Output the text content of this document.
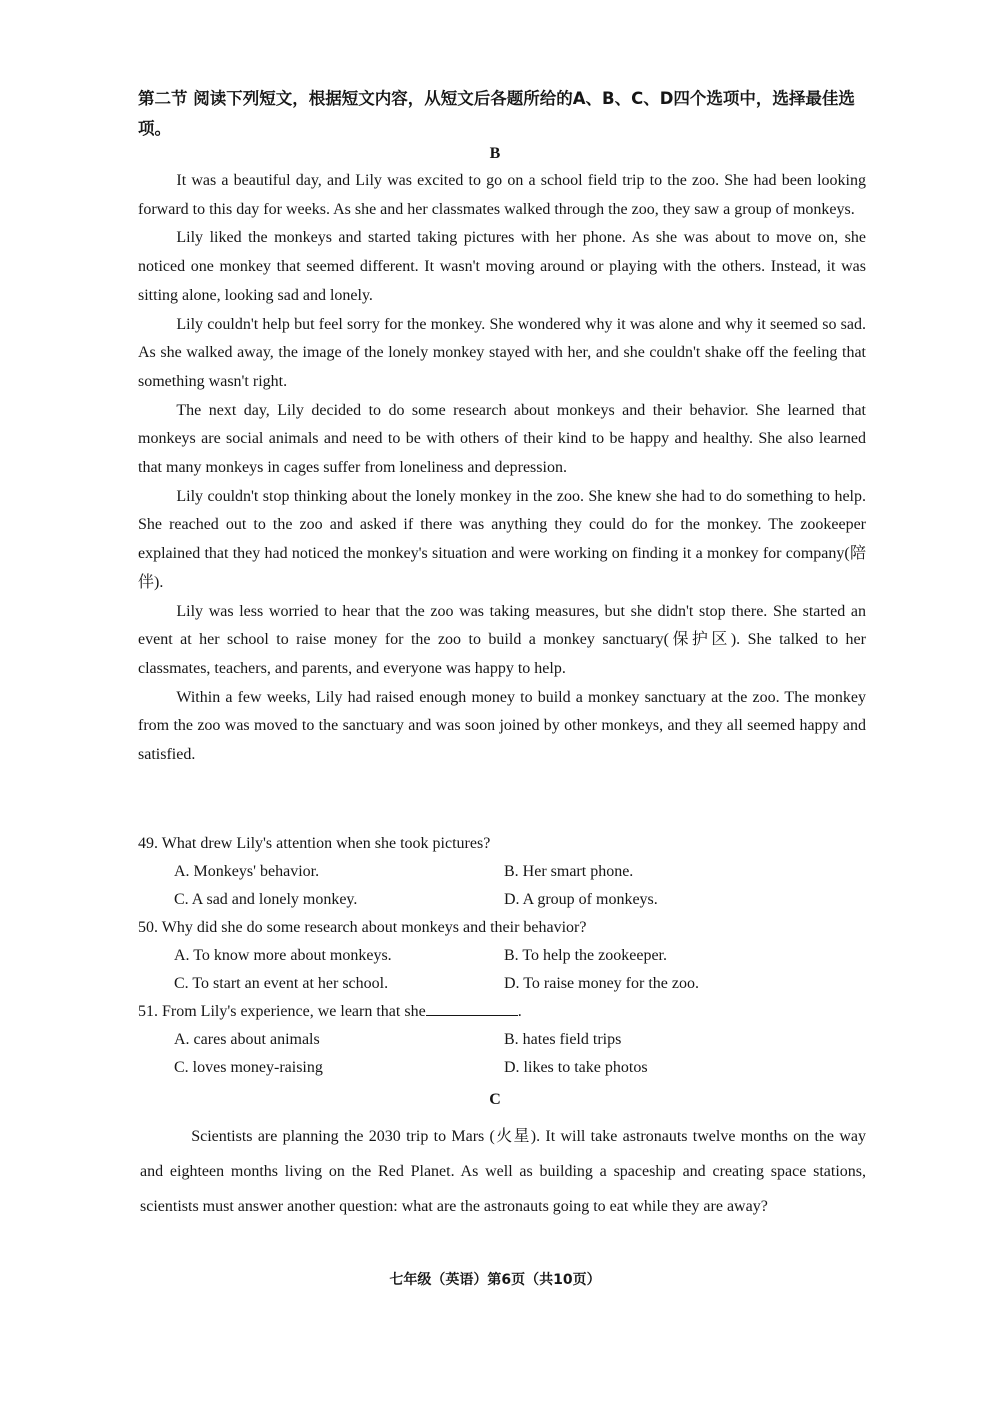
第二节 阅读下列短文，根据短文内容，从短文后各题所给的A、B、C、D四个选项中，选择最佳选项。
B

It was a beautiful day, and Lily was excited to go on a school field trip to the zoo. She had been looking forward to this day for weeks. As she and her classmates walked through the zoo, they saw a group of monkeys.

Lily liked the monkeys and started taking pictures with her phone. As she was about to move on, she noticed one monkey that seemed different. It wasn't moving around or playing with the others. Instead, it was sitting alone, looking sad and lonely.

Lily couldn't help but feel sorry for the monkey. She wondered why it was alone and why it seemed so sad. As she walked away, the image of the lonely monkey stayed with her, and she couldn't shake off the feeling that something wasn't right.

The next day, Lily decided to do some research about monkeys and their behavior. She learned that monkeys are social animals and need to be with others of their kind to be happy and healthy. She also learned that many monkeys in cages suffer from loneliness and depression.

Lily couldn't stop thinking about the lonely monkey in the zoo. She knew she had to do something to help. She reached out to the zoo and asked if there was anything they could do for the monkey. The zookeeper explained that they had noticed the monkey's situation and were working on finding it a monkey for company(陪伴).

Lily was less worried to hear that the zoo was taking measures, but she didn't stop there. She started an event at her school to raise money for the zoo to build a monkey sanctuary(保护区). She talked to her classmates, teachers, and parents, and everyone was happy to help.

Within a few weeks, Lily had raised enough money to build a monkey sanctuary at the zoo. The monkey from the zoo was moved to the sanctuary and was soon joined by other monkeys, and they all seemed happy and satisfied.

49. What drew Lily's attention when she took pictures?
A. Monkeys' behavior.	B. Her smart phone.
C. A sad and lonely monkey.	D. A group of monkeys.
50. Why did she do some research about monkeys and their behavior?
A. To know more about monkeys.	B. To help the zookeeper.
C. To start an event at her school.	D. To raise money for the zoo.
51. From Lily's experience, we learn that she	.
A. cares about animals	B. hates field trips
C. loves money-raising	D. likes to take photos
C

Scientists are planning the 2030 trip to Mars (火星). It will take astronauts twelve months on the way and eighteen months living on the Red Planet. As well as building a spaceship and creating space stations, scientists must answer another question: what are the astronauts going to eat while they are away?

七年级（英语）第6页（共10页）
